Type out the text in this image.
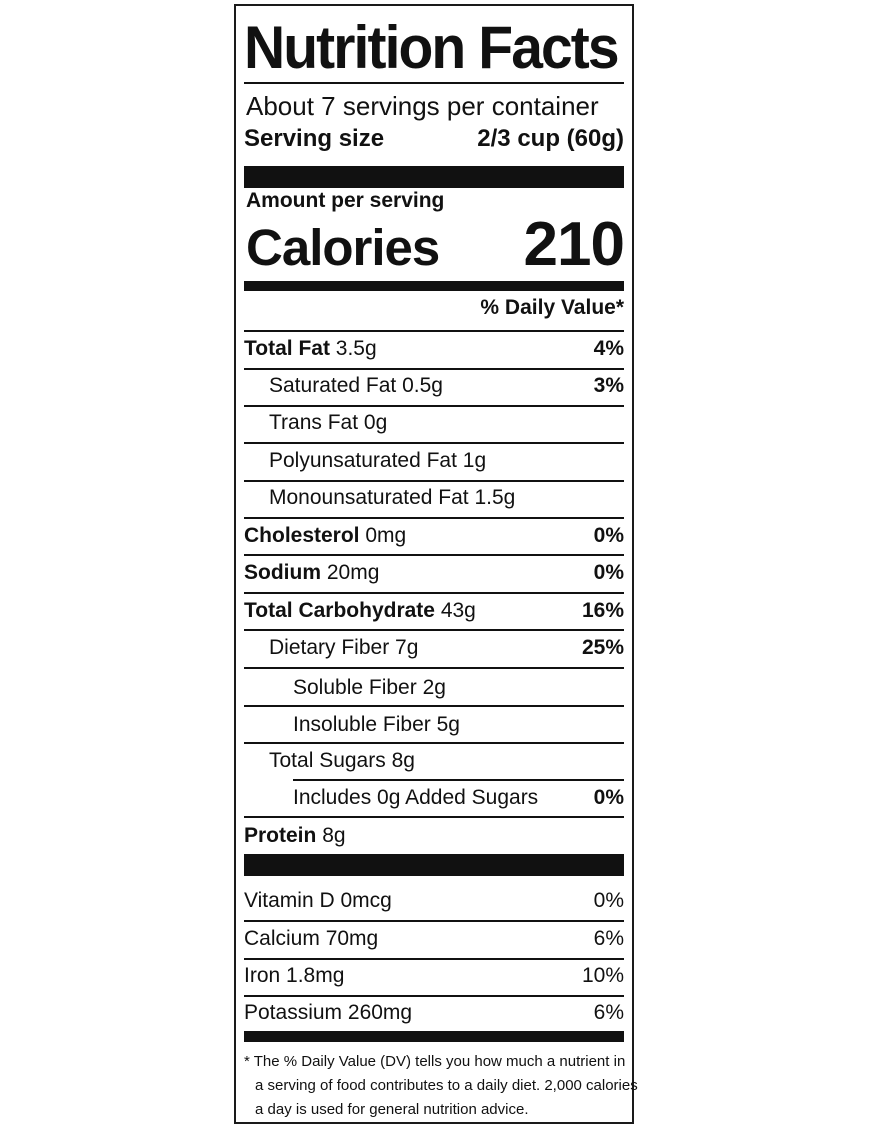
Nutrition Facts
About 7 servings per container
Serving size	2/3 cup (60g)
Amount per serving
Calories 210
% Daily Value*
Total Fat 3.5g	4%
Saturated Fat 0.5g	3%
Trans Fat 0g
Polyunsaturated Fat 1g
Monounsaturated Fat 1.5g
Cholesterol 0mg	0%
Sodium 20mg	0%
Total Carbohydrate 43g	16%
Dietary Fiber 7g	25%
Soluble Fiber 2g
Insoluble Fiber 5g
Total Sugars 8g
Includes 0g Added Sugars	0%
Protein 8g
Vitamin D 0mcg	0%
Calcium 70mg	6%
Iron 1.8mg	10%
Potassium 260mg	6%
* The % Daily Value (DV) tells you how much a nutrient in
a serving of food contributes to a daily diet. 2,000 calories
a day is used for general nutrition advice.
